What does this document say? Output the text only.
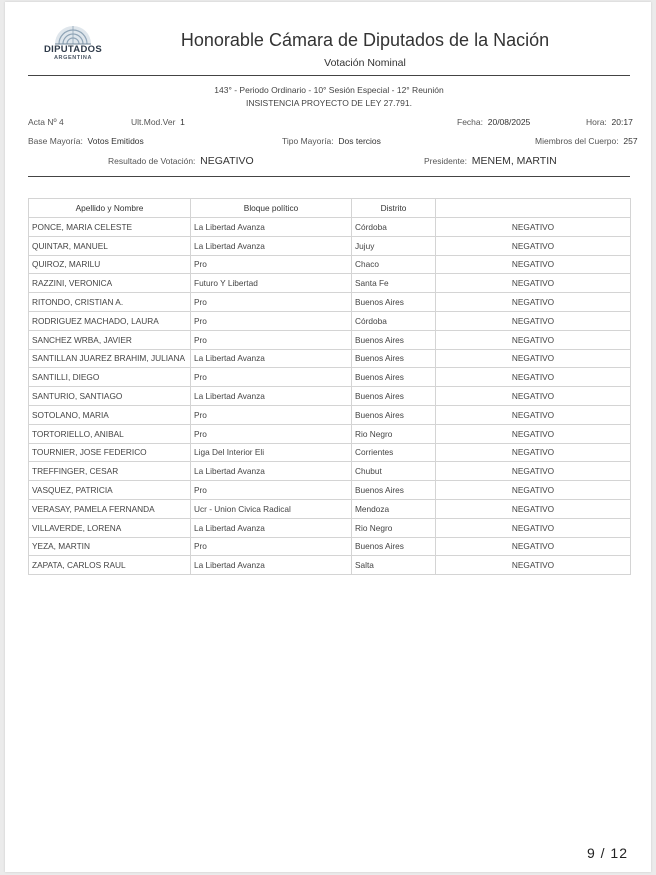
DIPUTADOS
ARGENTINA
Honorable Cámara de Diputados de la Nación
Votación Nominal
143° - Periodo Ordinario - 10° Sesión Especial - 12° Reunión
INSISTENCIA PROYECTO DE LEY 27.791.
Acta Nº 4	Ult.Mod.Ver 1	Fecha: 20/08/2025	Hora: 20:17
Base Mayoría: Votos Emitidos	Tipo Mayoría: Dos tercios	Miembros del Cuerpo: 257
Resultado de Votación: NEGATIVO	Presidente: MENEM, MARTIN
Apellido y Nombre	Bloque político	Distrito	
PONCE, MARIA CELESTE	La Libertad Avanza	Córdoba	NEGATIVO
QUINTAR, MANUEL	La Libertad Avanza	Jujuy	NEGATIVO
QUIROZ, MARILU	Pro	Chaco	NEGATIVO
RAZZINI, VERONICA	Futuro Y Libertad	Santa Fe	NEGATIVO
RITONDO, CRISTIAN A.	Pro	Buenos Aires	NEGATIVO
RODRIGUEZ MACHADO, LAURA	Pro	Córdoba	NEGATIVO
SANCHEZ WRBA, JAVIER	Pro	Buenos Aires	NEGATIVO
SANTILLAN JUAREZ BRAHIM, JULIANA	La Libertad Avanza	Buenos Aires	NEGATIVO
SANTILLI, DIEGO	Pro	Buenos Aires	NEGATIVO
SANTURIO, SANTIAGO	La Libertad Avanza	Buenos Aires	NEGATIVO
SOTOLANO, MARIA	Pro	Buenos Aires	NEGATIVO
TORTORIELLO, ANIBAL	Pro	Rio Negro	NEGATIVO
TOURNIER, JOSE FEDERICO	Liga Del Interior Eli	Corrientes	NEGATIVO
TREFFINGER, CESAR	La Libertad Avanza	Chubut	NEGATIVO
VASQUEZ, PATRICIA	Pro	Buenos Aires	NEGATIVO
VERASAY, PAMELA FERNANDA	Ucr - Union Civica Radical	Mendoza	NEGATIVO
VILLAVERDE, LORENA	La Libertad Avanza	Rio Negro	NEGATIVO
YEZA, MARTIN	Pro	Buenos Aires	NEGATIVO
ZAPATA, CARLOS RAUL	La Libertad Avanza	Salta	NEGATIVO
9 / 12
